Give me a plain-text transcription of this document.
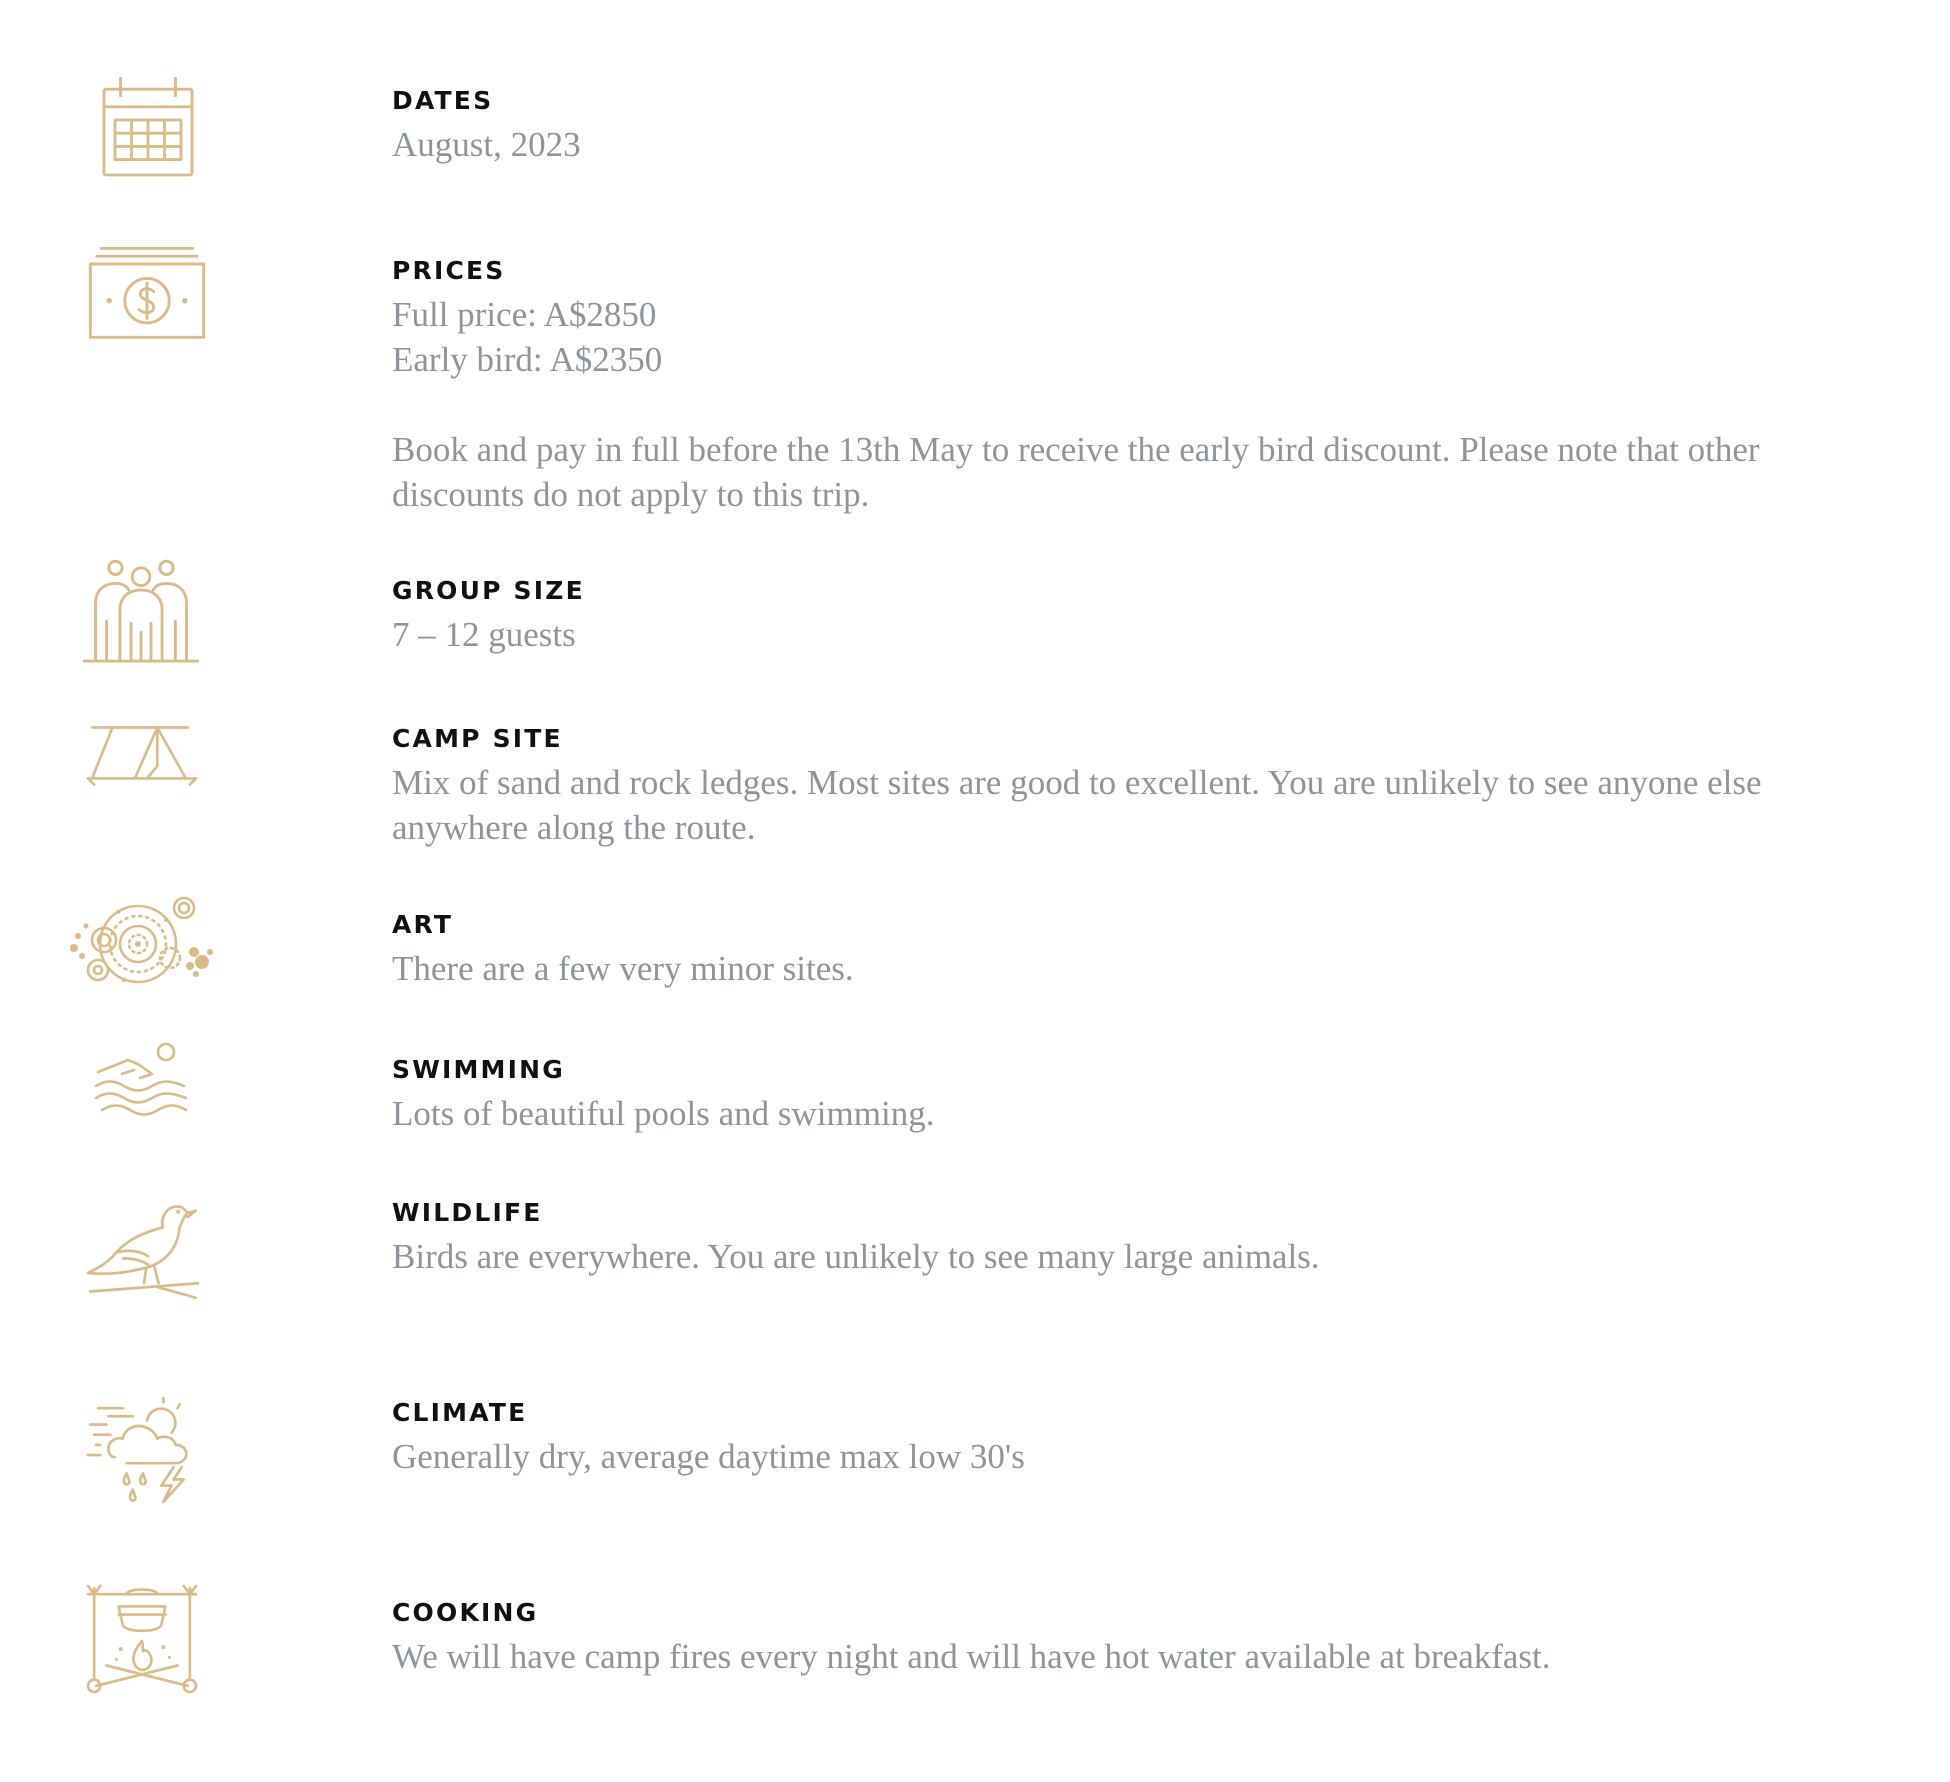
DATES
August, 2023
PRICES
Full price: A$2850
Early bird: A$2350
Book and pay in full before the 13th May to receive the early bird discount. Please note that other discounts do not apply to this trip.
GROUP SIZE
7 – 12 guests
CAMP SITE
Mix of sand and rock ledges. Most sites are good to excellent. You are unlikely to see anyone else anywhere along the route.
ART
There are a few very minor sites.
SWIMMING
Lots of beautiful pools and swimming.
WILDLIFE
Birds are everywhere. You are unlikely to see many large animals.
CLIMATE
Generally dry, average daytime max low 30's
COOKING
We will have camp fires every night and will have hot water available at breakfast.
